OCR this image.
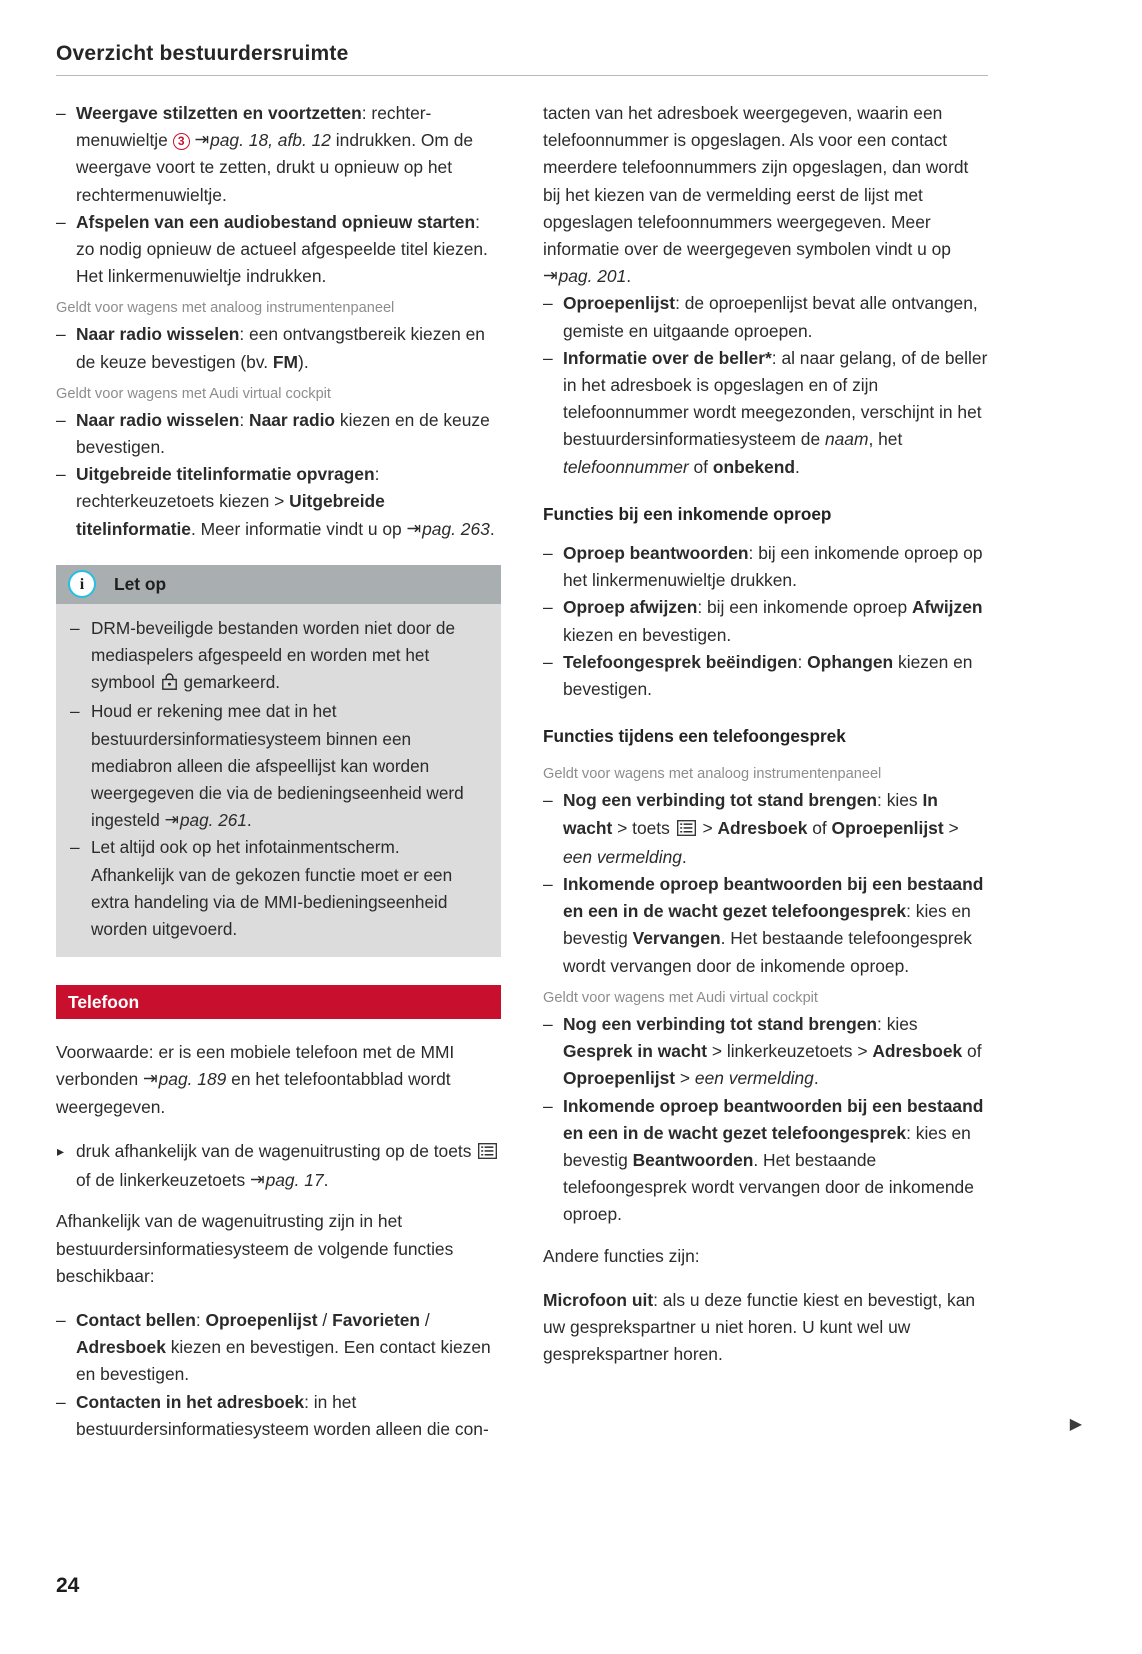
Overzicht bestuurdersruimte
– Weergave stilzetten en voortzetten: rechter-menuwieltje 3 ⇥pag. 18, afb. 12 indrukken. Om de weergave voort te zetten, drukt u opnieuw op het rechtermenuwieltje.
– Afspelen van een audiobestand opnieuw starten: zo nodig opnieuw de actueel afgespeelde titel kiezen. Het linkermenuwieltje indrukken.
Geldt voor wagens met analoog instrumentenpaneel
– Naar radio wisselen: een ontvangstbereik kiezen en de keuze bevestigen (bv. FM).
Geldt voor wagens met Audi virtual cockpit
– Naar radio wisselen: Naar radio kiezen en de keuze bevestigen.
– Uitgebreide titelinformatie opvragen: rechterkeuzetoets kiezen > Uitgebreide titelinformatie. Meer informatie vindt u op ⇥pag. 263.
i	Let op
– DRM-beveiligde bestanden worden niet door de mediaspelers afgespeeld en worden met het symbool  gemarkeerd.
– Houd er rekening mee dat in het bestuurdersinformatiesysteem binnen een mediabron alleen die afspeellijst kan worden weergegeven die via de bedieningseenheid werd ingesteld ⇥pag. 261.
– Let altijd ook op het infotainmentscherm. Afhankelijk van de gekozen functie moet er een extra handeling via de MMI-bedieningseenheid worden uitgevoerd.
Telefoon

Voorwaarde: er is een mobiele telefoon met de MMI verbonden ⇥pag. 189 en het telefoontabblad wordt weergegeven.

▸ druk afhankelijk van de wagenuitrusting op de toets  of de linkerkeuzetoets ⇥pag. 17.

Afhankelijk van de wagenuitrusting zijn in het bestuurdersinformatiesysteem de volgende functies beschikbaar:

– Contact bellen: Oproepenlijst / Favorieten / Adresboek kiezen en bevestigen. Een contact kiezen en bevestigen.
– Contacten in het adresboek: in het bestuurdersinformatiesysteem worden alleen die con-

tacten van het adresboek weergegeven, waarin een telefoonnummer is opgeslagen. Als voor een contact meerdere telefoonnummers zijn opgeslagen, dan wordt bij het kiezen van de vermelding eerst de lijst met opgeslagen telefoonnummers weergegeven. Meer informatie over de weergegeven symbolen vindt u op ⇥pag. 201.

– Oproepenlijst: de oproepenlijst bevat alle ontvangen, gemiste en uitgaande oproepen.
– Informatie over de beller*: al naar gelang, of de beller in het adresboek is opgeslagen en of zijn telefoonnummer wordt meegezonden, verschijnt in het bestuurdersinformatiesysteem de naam, het telefoonnummer of onbekend.
Functies bij een inkomende oproep
– Oproep beantwoorden: bij een inkomende oproep op het linkermenuwieltje drukken.
– Oproep afwijzen: bij een inkomende oproep Afwijzen kiezen en bevestigen.
– Telefoongesprek beëindigen: Ophangen kiezen en bevestigen.
Functies tijdens een telefoongesprek
Geldt voor wagens met analoog instrumentenpaneel
– Nog een verbinding tot stand brengen: kies In wacht > toets  > Adresboek of Oproepenlijst > een vermelding.
– Inkomende oproep beantwoorden bij een bestaand en een in de wacht gezet telefoongesprek: kies en bevestig Vervangen. Het bestaande telefoongesprek wordt vervangen door de inkomende oproep.
Geldt voor wagens met Audi virtual cockpit
– Nog een verbinding tot stand brengen: kies Gesprek in wacht > linkerkeuzetoets > Adresboek of Oproepenlijst > een vermelding.
– Inkomende oproep beantwoorden bij een bestaand en een in de wacht gezet telefoongesprek: kies en bevestig Beantwoorden. Het bestaande telefoongesprek wordt vervangen door de inkomende oproep.

Andere functies zijn:

Microfoon uit: als u deze functie kiest en bevestigt, kan uw gesprekspartner u niet horen. U kunt wel uw gesprekspartner horen.

▶
24
